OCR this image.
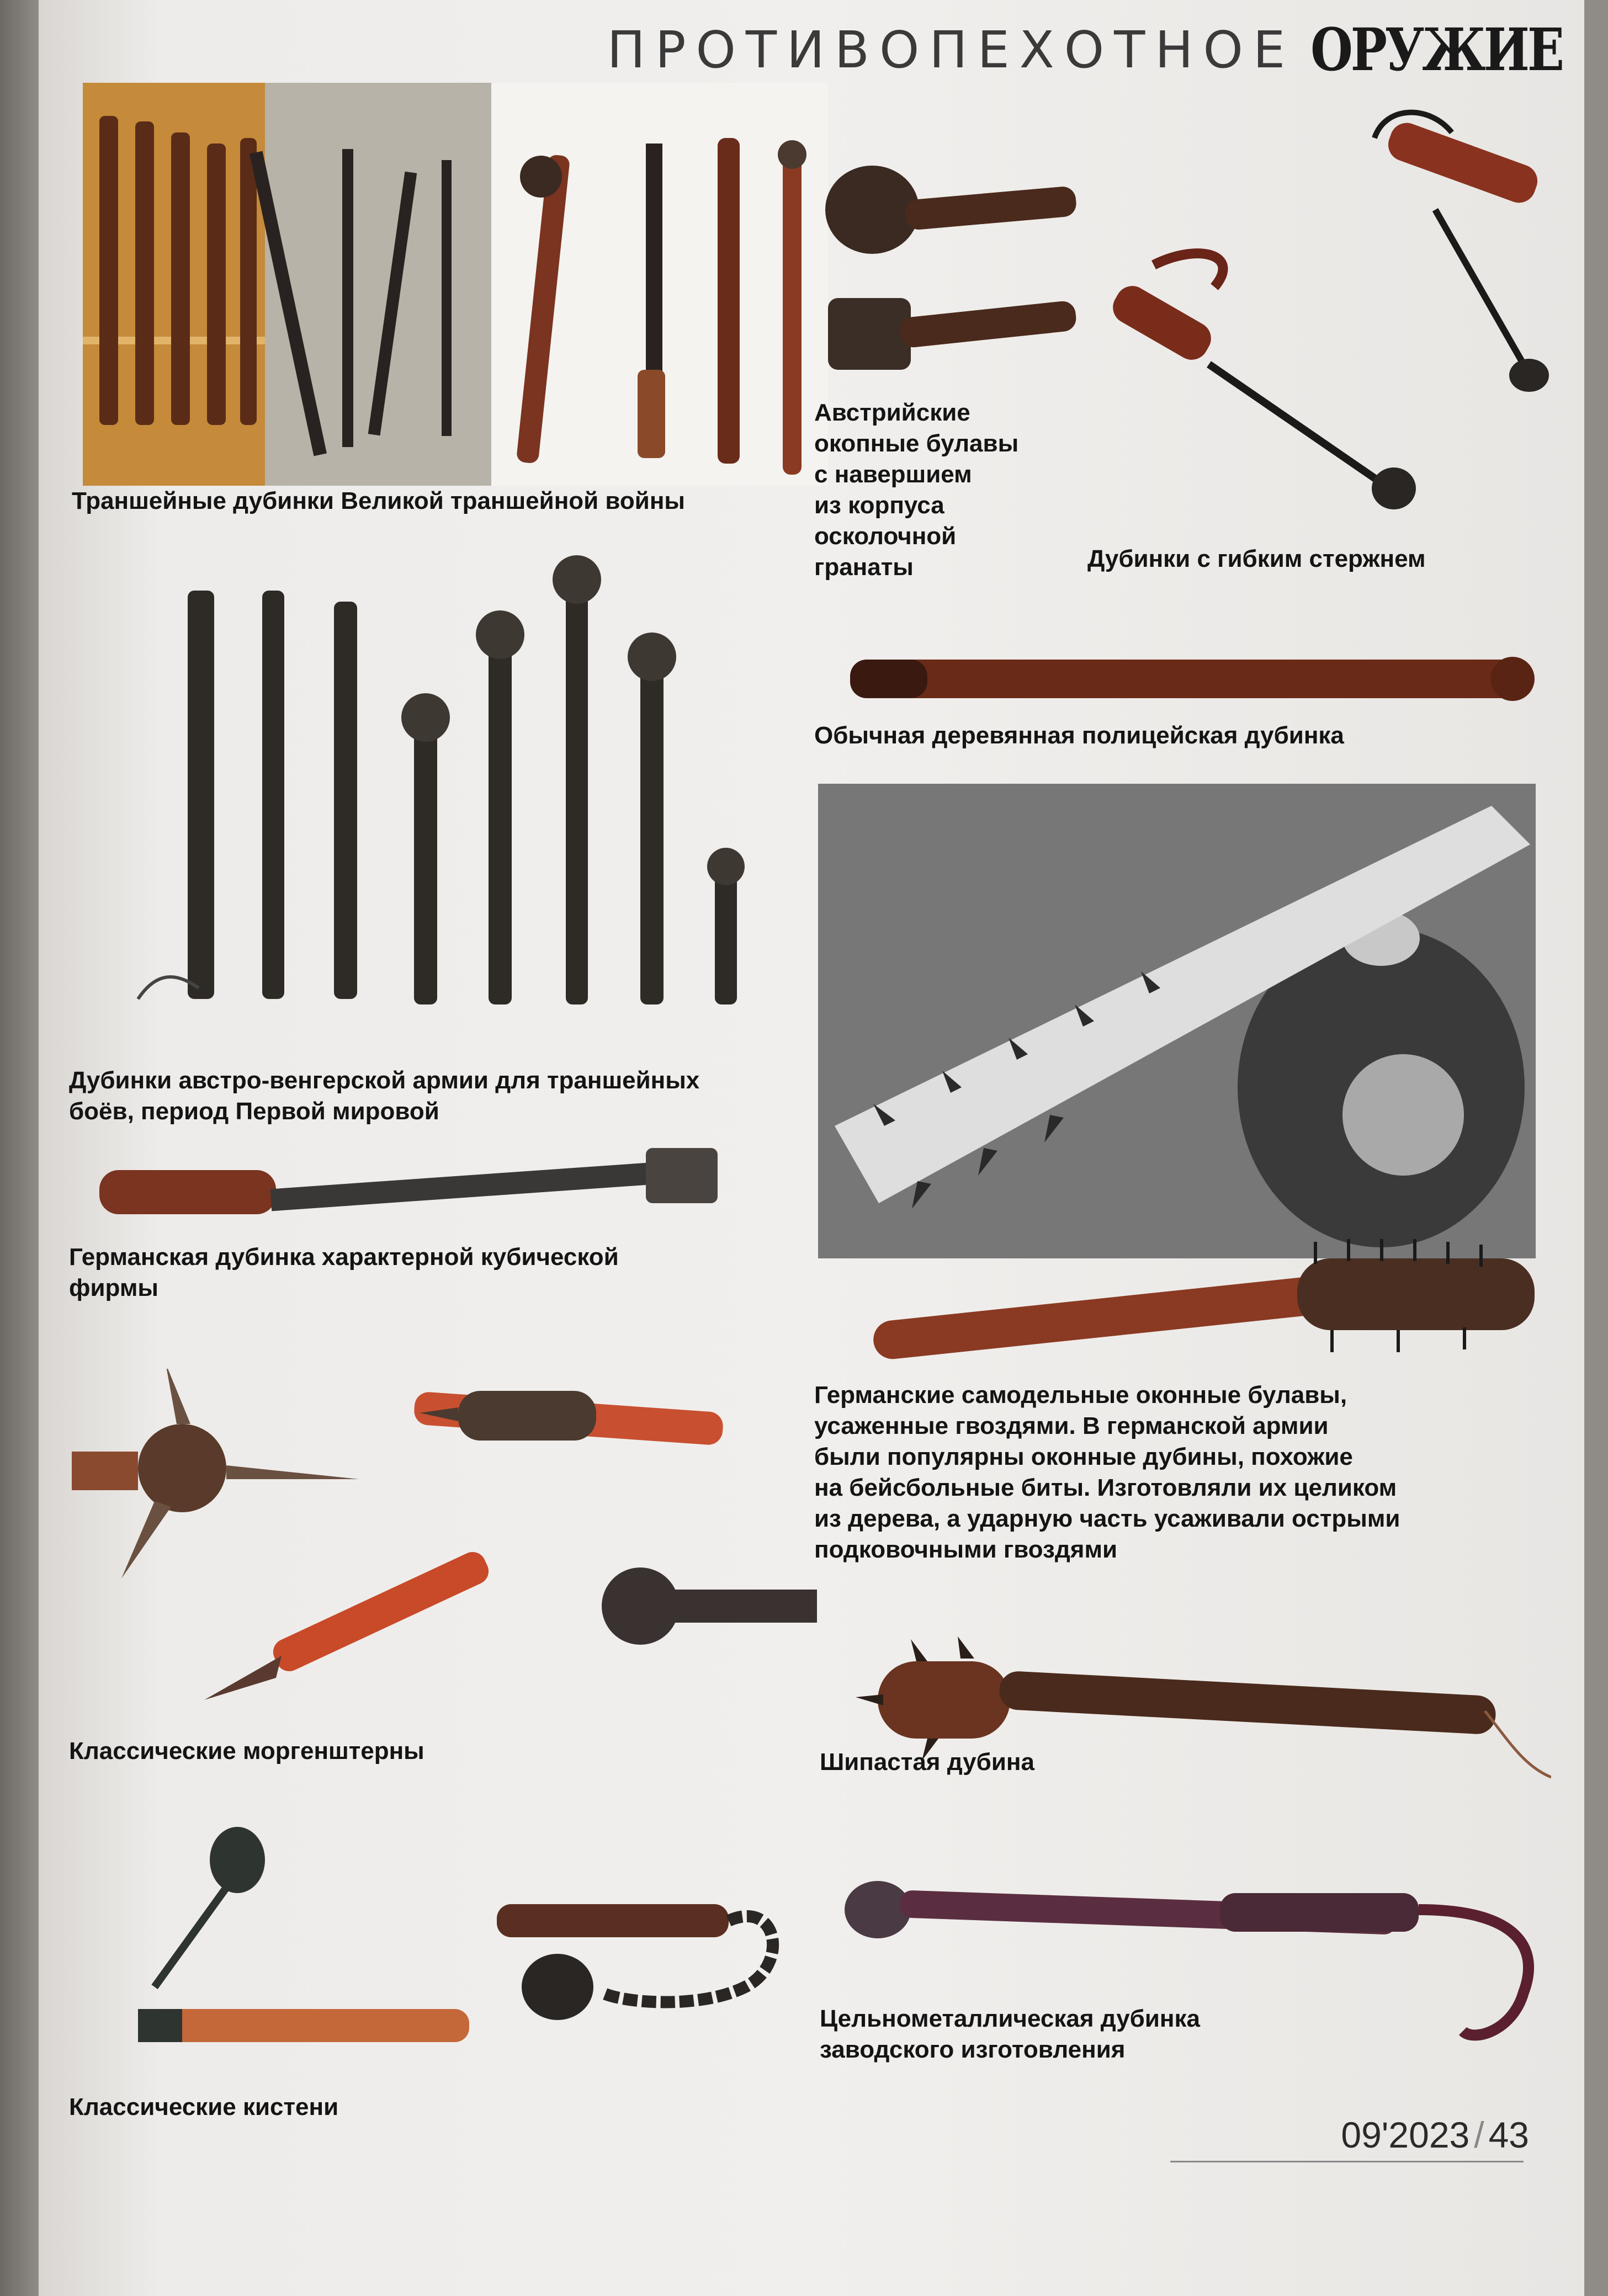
ПРОТИВОПЕХОТНОЕ ОРУЖИЕ
Траншейные дубинки Великой траншейной войны
Австрийские
окопные булавы
с навершием
из корпуса
осколочной
гранаты	Дубинки с гибким стержнем
Обычная деревянная полицейская дубинка
Германские самодельные оконные булавы,
усаженные гвоздями. В германской армии
были популярны оконные дубины, похожие
на бейсбольные биты. Изготовляли их целиком
из дерева, а ударную часть усаживали острыми
подковочными гвоздями
Дубинки австро-венгерской армии для траншейных
боёв, период Первой мировой
Германская дубинка характерной кубической
фирмы
Классические моргенштерны	Шипастая дубина
Классические кистени
Цельнометаллическая дубинка
заводского изготовления
09'2023 / 43
